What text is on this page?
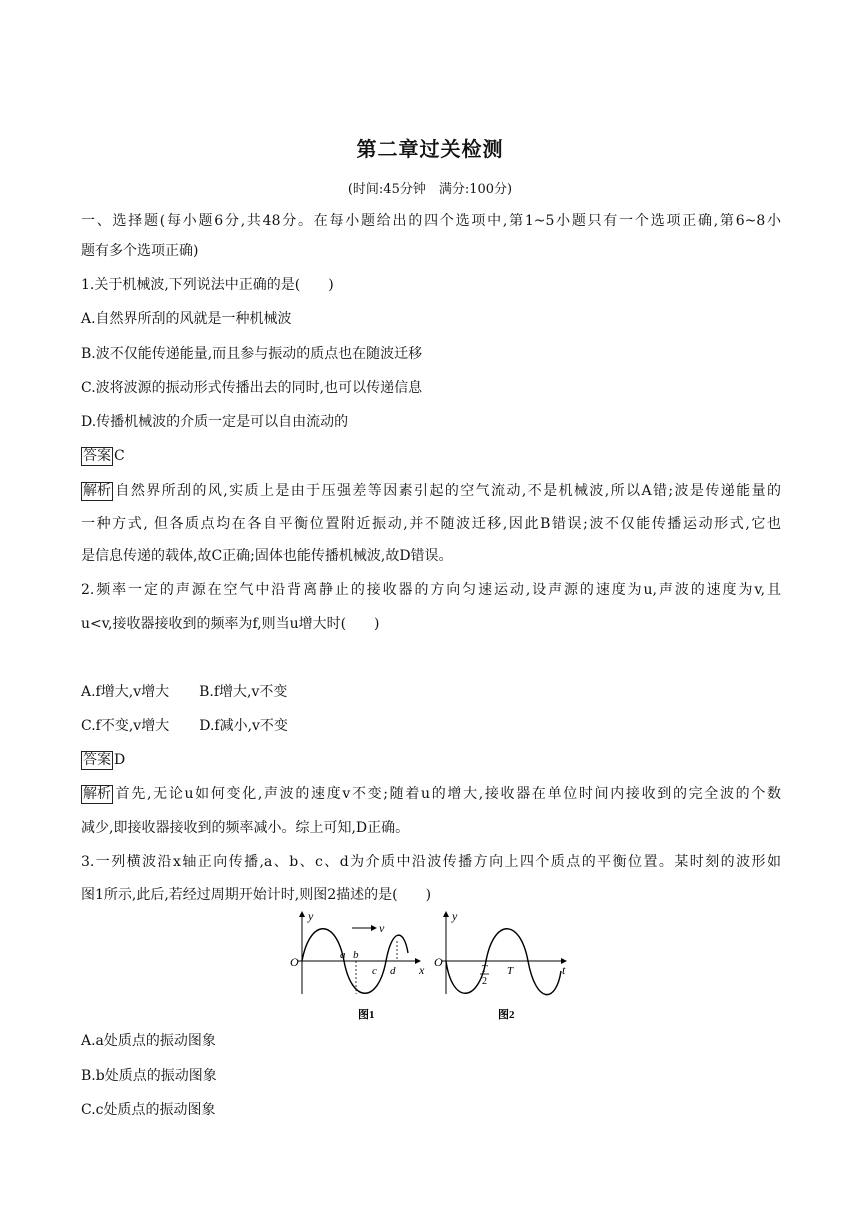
第二章过关检测
(时间:45分钟　满分:100分)
一、选择题(每小题6分,共48分。在每小题给出的四个选项中,第1~5小题只有一个选项正确,第6~8小
题有多个选项正确)
1.关于机械波,下列说法中正确的是(　　)
A.自然界所刮的风就是一种机械波
B.波不仅能传递能量,而且参与振动的质点也在随波迁移
C.波将波源的振动形式传播出去的同时,也可以传递信息
D.传播机械波的介质一定是可以自由流动的
答案 C
解析 自然界所刮的风,实质上是由于压强差等因素引起的空气流动,不是机械波,所以A错;波是传递能量的
一种方式, 但各质点均在各自平衡位置附近振动,并不随波迁移,因此B错误;波不仅能传播运动形式,它也
是信息传递的载体,故C正确;固体也能传播机械波,故D错误。
2.频率一定的声源在空气中沿背离静止的接收器的方向匀速运动,设声源的速度为u,声波的速度为v,且
u<v,接收器接收到的频率为f,则当u增大时(　　)
A.f增大,v增大 B.f增大,v不变
C.f不变,v增大 D.f减小,v不变
答案 D
解析 首先,无论u如何变化,声波的速度v不变;随着u的增大,接收器在单位时间内接收到的完全波的个数
减少,即接收器接收到的频率减小。综上可知,D正确。
3.一列横波沿x轴正向传播,a、b、c、d为介质中沿波传播方向上四个质点的平衡位置。某时刻的波形如
图1所示,此后,若经过周期开始计时,则图2描述的是(　　)
y
O
x
v
a b
c d
图1
y
O
t
T
2
T
图2
A.a处质点的振动图象
B.b处质点的振动图象
C.c处质点的振动图象
